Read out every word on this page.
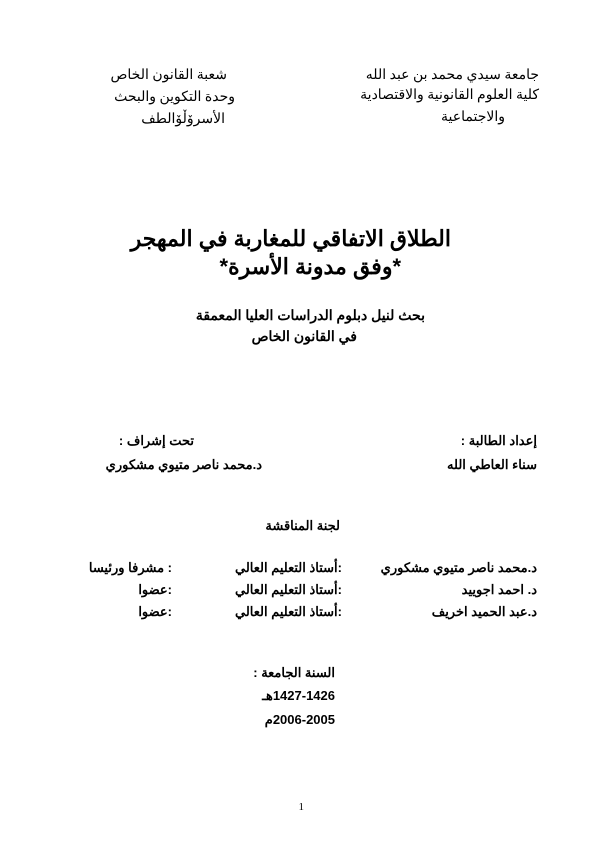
جامعة سيدي محمد بن عبد الله
كلية العلوم القانونية والاقتصادية
والاجتماعية
شعبة القانون الخاص
وحدة التكوين والبحث
الأسرۆڵۆالطف
الطلاق الاتفاقي للمغاربة في المهجر
*وفق مدونة الأسرة*
بحث لنيل دبلوم الدراسات العليا المعمقة
في القانون الخاص
إعداد الطالبة :
سناء العاطي الله
تحت إشراف :
د.محمد ناصر متيوي مشكوري
لجنة المناقشة
د.محمد ناصر متيوي مشكوري
:أستاذ التعليم العالي
: مشرفا ورئيسا
د. احمد اجوييد
:أستاذ التعليم العالي
:عضوا
د.عبد الحميد اخريف
:أستاذ التعليم العالي
:عضوا
السنة الجامعة :
1427-1426هـ
2006-2005م
1
